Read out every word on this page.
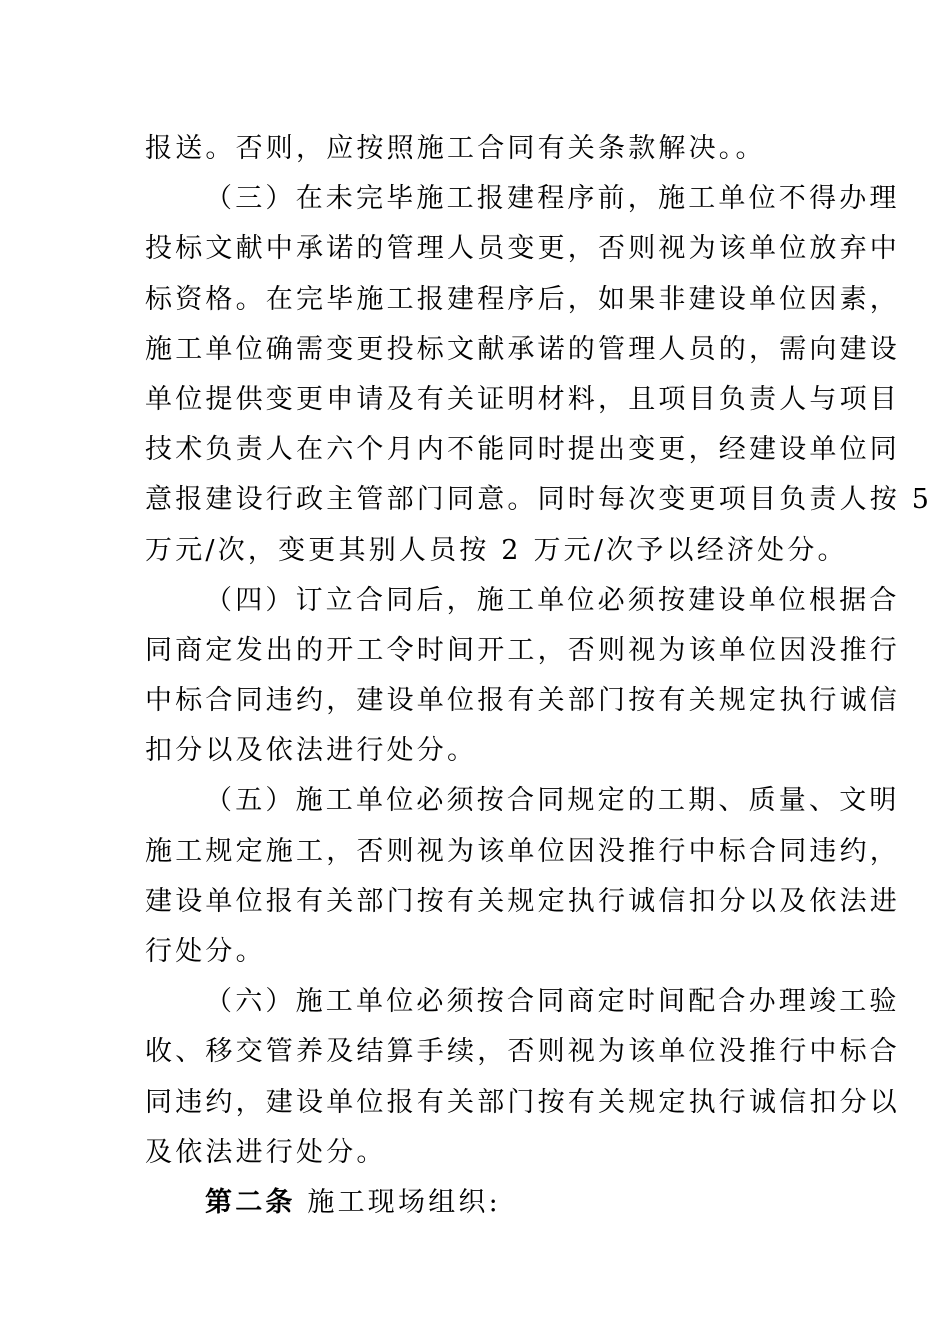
报送。否则，应按照施工合同有关条款解决。。
（三）在未完毕施工报建程序前，施工单位不得办理
投标文献中承诺的管理人员变更，否则视为该单位放弃中
标资格。在完毕施工报建程序后，如果非建设单位因素，
施工单位确需变更投标文献承诺的管理人员的，需向建设
单位提供变更申请及有关证明材料，且项目负责人与项目
技术负责人在六个月内不能同时提出变更，经建设单位同
意报建设行政主管部门同意。同时每次变更项目负责人按 5
万元/次，变更其别人员按 2 万元/次予以经济处分。
（四）订立合同后，施工单位必须按建设单位根据合
同商定发出的开工令时间开工，否则视为该单位因没推行
中标合同违约，建设单位报有关部门按有关规定执行诚信
扣分以及依法进行处分。
（五）施工单位必须按合同规定的工期、质量、文明
施工规定施工，否则视为该单位因没推行中标合同违约，
建设单位报有关部门按有关规定执行诚信扣分以及依法进
行处分。
（六）施工单位必须按合同商定时间配合办理竣工验
收、移交管养及结算手续，否则视为该单位没推行中标合
同违约，建设单位报有关部门按有关规定执行诚信扣分以
及依法进行处分。
第二条 施工现场组织:
